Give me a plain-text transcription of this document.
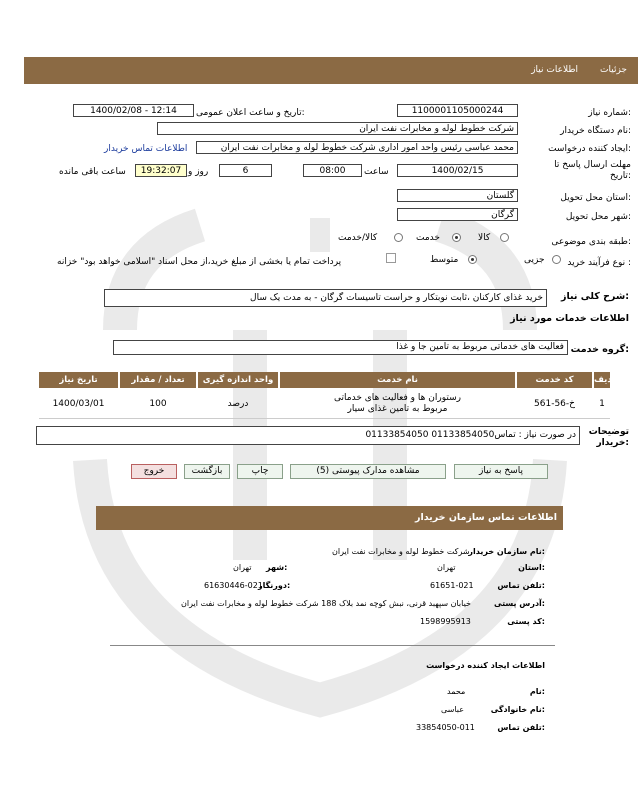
جزئیات
اطلاعات نیاز
شماره نیاز:
1100001105000244
تاریخ و ساعت اعلان عمومی:
1400/02/08 - 12:14
نام دستگاه خریدار:
شرکت خطوط لوله و مخابرات نفت ایران
ایجاد کننده درخواست:
محمد عباسی رئیس واحد امور اداری شرکت خطوط لوله و مخابرات نفت ایران
اطلاعات تماس خریدار
مهلت ارسال پاسخ تا تاریخ:
1400/02/15
ساعت
08:00
6
روز و
19:32:07
ساعت باقی مانده
استان محل تحویل:
گلستان
شهر محل تحویل:
گرگان
طبقه بندی موضوعی:
کالا
خدمت
کالا/خدمت
نوع فرآیند خرید :
جزیی
متوسط
پرداخت تمام یا بخشی از مبلغ خرید،از محل اسناد "اسلامی خواهد بود" خزانه
شرح کلی نیاز:
خرید غذای کارکنان ،ثابت نوبتکار و حراست تاسیسات گرگان - به مدت یک سال
اطلاعات خدمات مورد نیاز
گروه خدمت:
فعالیت های خدماتی مربوط به تامین جا و غذا
ردیف
کد خدمت
نام خدمت
واحد اندازه گیری
تعداد / مقدار
تاریخ نیاز
1
خ-56-561
رستوران ها و فعالیت های خدماتی
مربوط به تامین غذای سیار
درصد
100
1400/03/01
توضیحات
خریدار:
در صورت نیاز : تماس01133854050 01133854050
پاسخ به نیاز
مشاهده مدارک پیوستی (5)
چاپ
بازگشت
خروج
اطلاعات تماس سازمان خریدار
نام سازمان خریدار:
شرکت خطوط لوله و مخابرات نفت ایران
استان:
تهران
شهر:
تهران
تلفن تماس:
61651-021
دورنگار:
61630446-021
آدرس پستی:
خیابان سپهبد قرنی، نبش کوچه نمد بلاک 188 شرکت خطوط لوله و مخابرات نفت ایران
کد پستی:
1598995913
اطلاعات ایجاد کننده درخواست
نام:
محمد
نام خانوادگی:
عباسی
تلفن تماس:
33854050-011
